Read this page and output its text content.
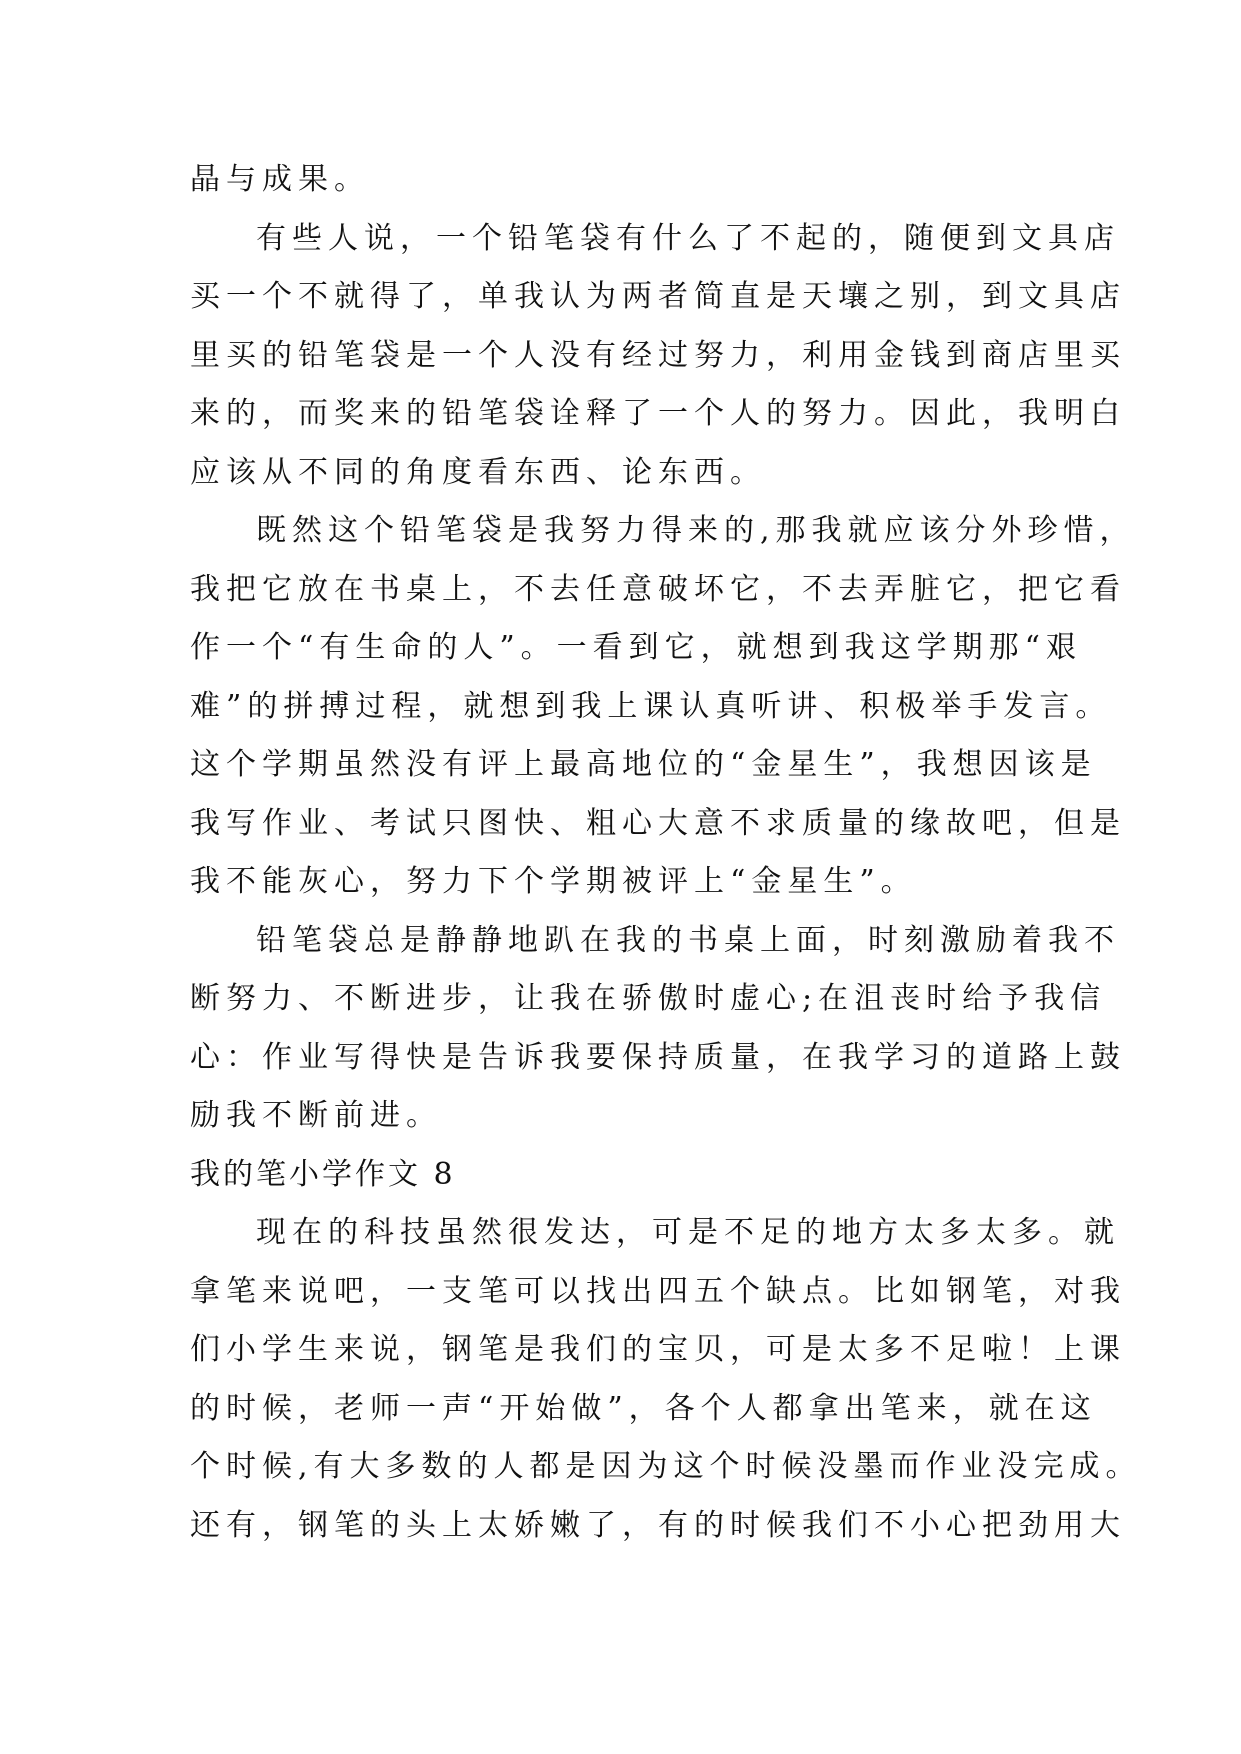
晶与成果。
有些人说，一个铅笔袋有什么了不起的，随便到文具店
买一个不就得了，单我认为两者简直是天壤之别，到文具店
里买的铅笔袋是一个人没有经过努力，利用金钱到商店里买
来的，而奖来的铅笔袋诠释了一个人的努力。因此，我明白
应该从不同的角度看东西、论东西。
既然这个铅笔袋是我努力得来的,那我就应该分外珍惜，
我把它放在书桌上，不去任意破坏它，不去弄脏它，把它看
作一个“有生命的人”。一看到它，就想到我这学期那“艰
难”的拼搏过程，就想到我上课认真听讲、积极举手发言。
这个学期虽然没有评上最高地位的“金星生”，我想因该是
我写作业、考试只图快、粗心大意不求质量的缘故吧，但是
我不能灰心，努力下个学期被评上“金星生”。
铅笔袋总是静静地趴在我的书桌上面，时刻激励着我不
断努力、不断进步，让我在骄傲时虚心;在沮丧时给予我信
心：作业写得快是告诉我要保持质量，在我学习的道路上鼓
励我不断前进。
我的笔小学作文 8
现在的科技虽然很发达，可是不足的地方太多太多。就
拿笔来说吧，一支笔可以找出四五个缺点。比如钢笔，对我
们小学生来说，钢笔是我们的宝贝，可是太多不足啦！上课
的时候，老师一声“开始做”，各个人都拿出笔来，就在这
个时候,有大多数的人都是因为这个时候没墨而作业没完成。
还有，钢笔的头上太娇嫩了，有的时候我们不小心把劲用大
